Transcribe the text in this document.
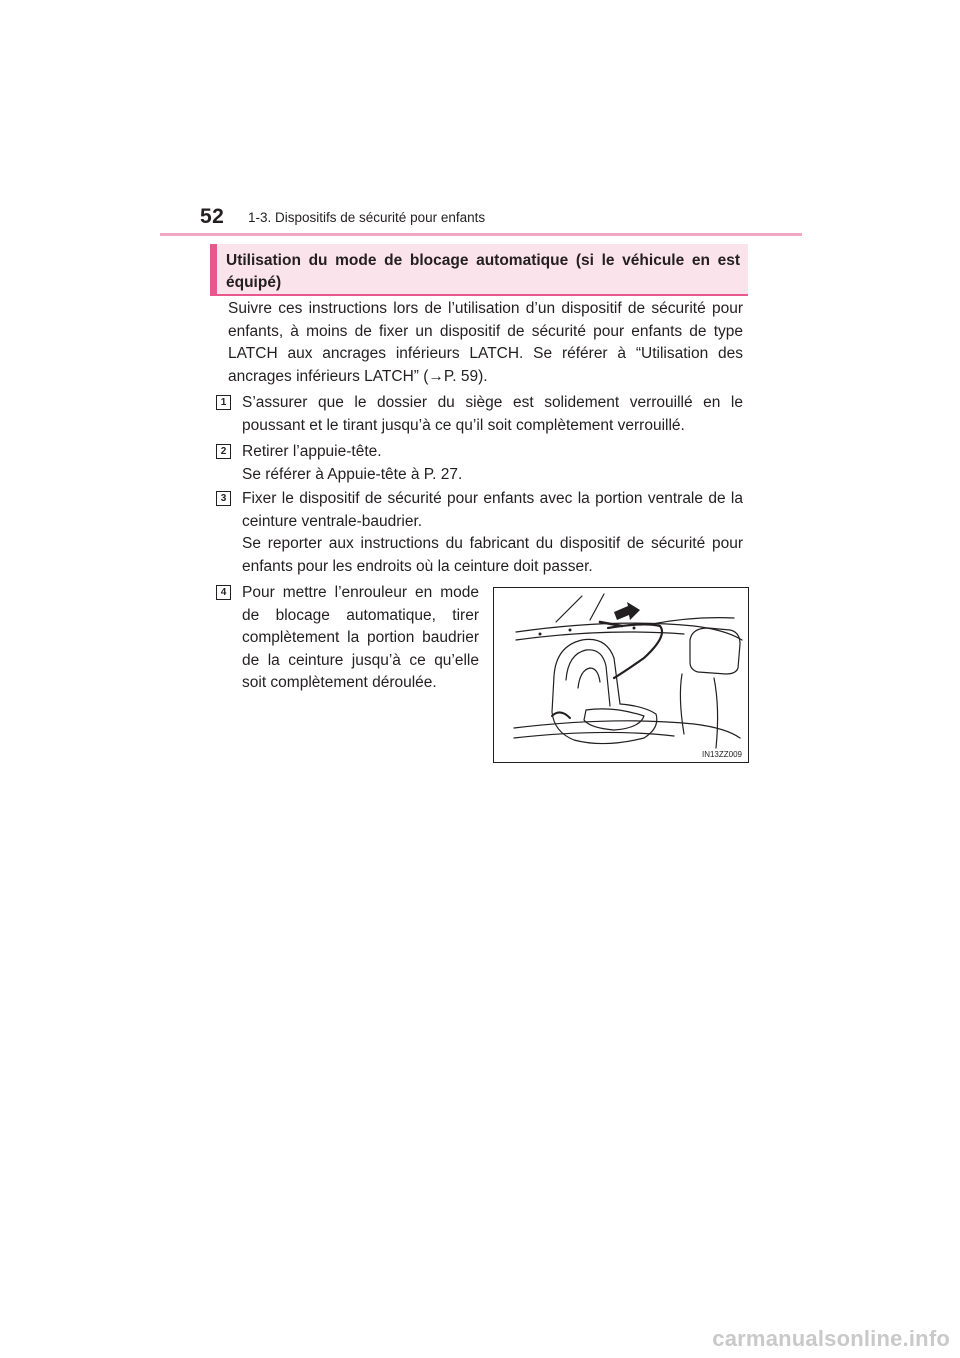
52 1-3. Dispositifs de sécurité pour enfants
Utilisation du mode de blocage automatique (si le véhicule en est équipé)

Suivre ces instructions lors de l’utilisation d’un dispositif de sécurité pour enfants, à moins de fixer un dispositif de sécurité pour enfants de type LATCH aux ancrages inférieurs LATCH. Se référer à “Utilisation des ancrages inférieurs LATCH” (→P. 59).

1	S’assurer que le dossier du siège est solidement verrouillé en le poussant et le tirant jusqu’à ce qu’il soit complètement verrouillé.

2	Retirer l’appuie-tête.

Se référer à Appuie-tête à P. 27.

3	Fixer le dispositif de sécurité pour enfants avec la portion ventrale de la ceinture ventrale-baudrier.

Se reporter aux instructions du fabricant du dispositif de sécurité pour enfants pour les endroits où la ceinture doit passer.

4	Pour mettre l’enrouleur en mode de blocage automatique, tirer complètement la portion baudrier de la ceinture jusqu’à ce qu’elle soit complètement déroulée.

IN13ZZ009
carmanualsonline.info
